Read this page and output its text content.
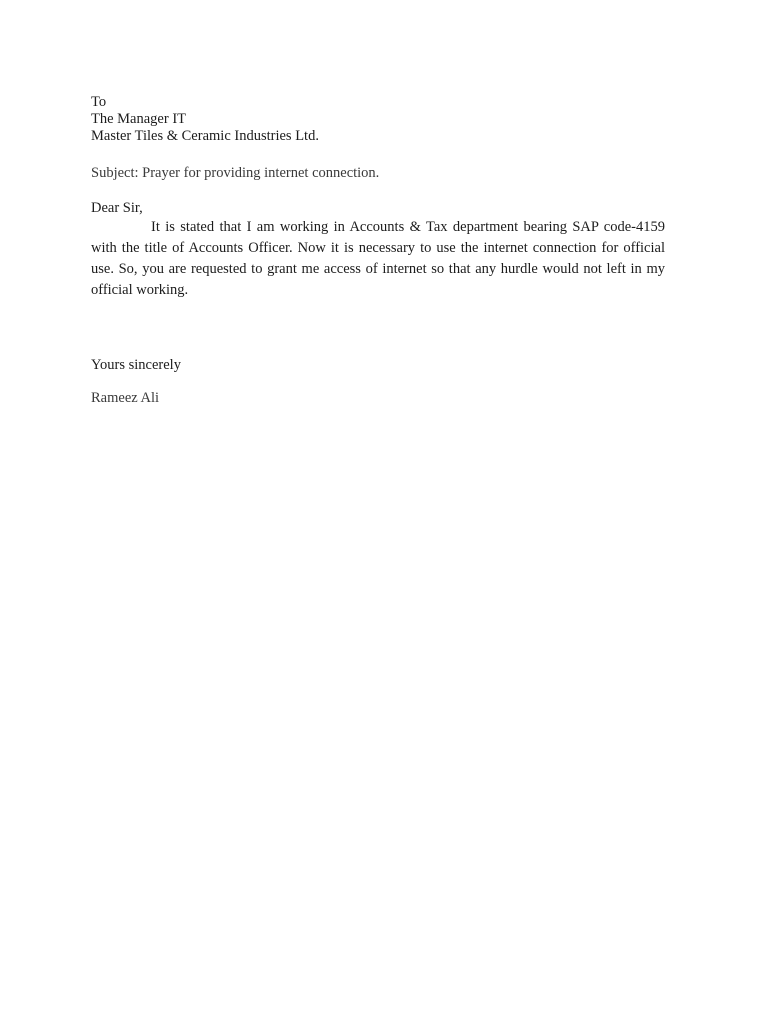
To
The Manager IT
Master Tiles & Ceramic Industries Ltd.
Subject: Prayer for providing internet connection.
Dear Sir,
It is stated that I am working in Accounts & Tax department bearing SAP code-4159 with the title of Accounts Officer. Now it is necessary to use the internet connection for official use. So, you are requested to grant me access of internet so that any hurdle would not left in my official working.
Yours sincerely
Rameez Ali
